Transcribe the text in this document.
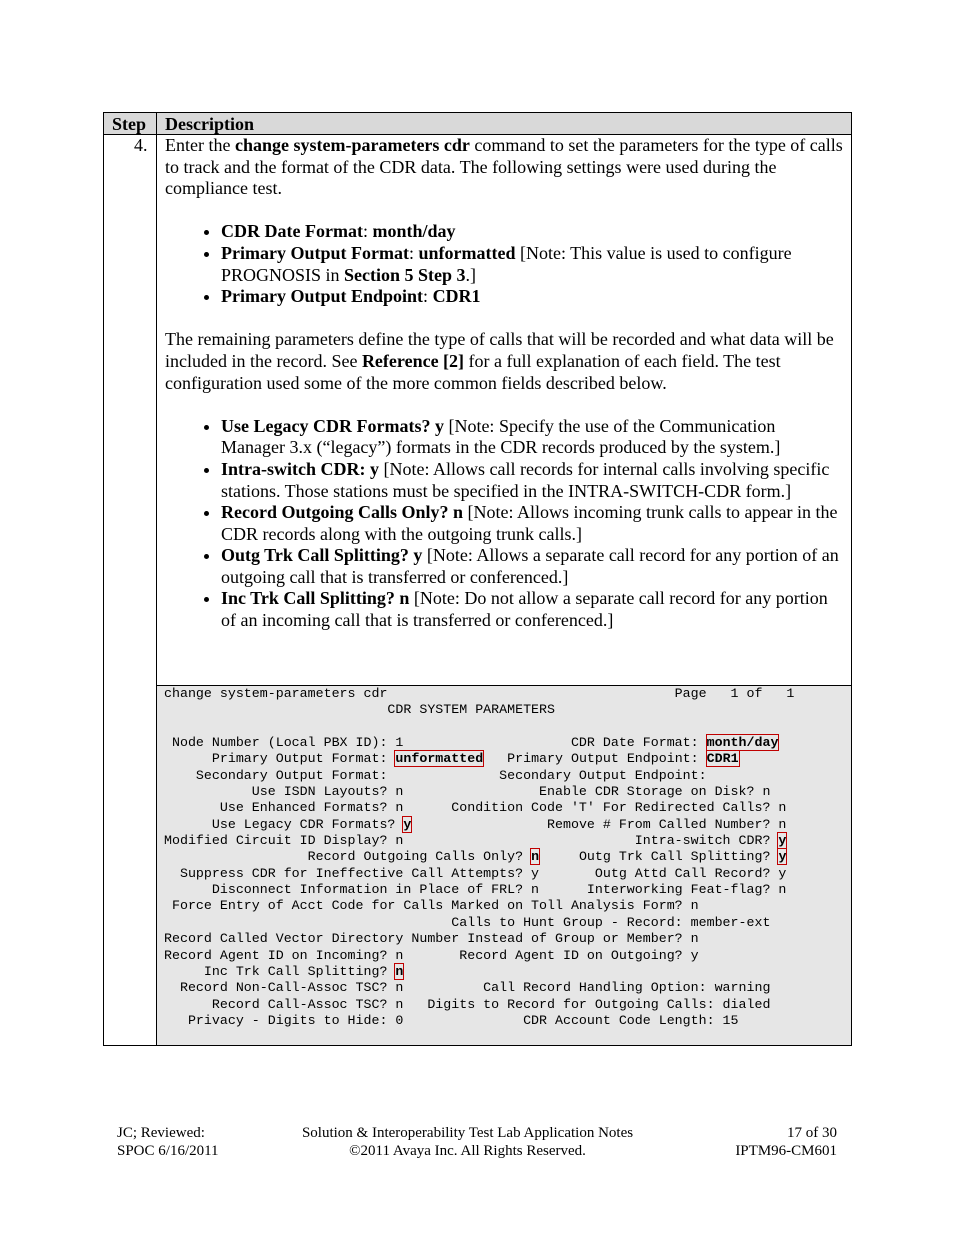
Step Description
4. Enter the change system-parameters cdr command to set the parameters for the type of calls to track and the format of the CDR data. The following settings were used during the compliance test.

• CDR Date Format: month/day
• Primary Output Format: unformatted [Note: This value is used to configure PROGNOSIS in Section 5 Step 3.]
• Primary Output Endpoint: CDR1

The remaining parameters define the type of calls that will be recorded and what data will be included in the record. See Reference [2] for a full explanation of each field. The test configuration used some of the more common fields described below.

• Use Legacy CDR Formats? y [Note: Specify the use of the Communication Manager 3.x (“legacy”) formats in the CDR records produced by the system.]
• Intra-switch CDR: y [Note: Allows call records for internal calls involving specific stations. Those stations must be specified in the INTRA-SWITCH-CDR form.]
• Record Outgoing Calls Only? n [Note: Allows incoming trunk calls to appear in the CDR records along with the outgoing trunk calls.]
• Outg Trk Call Splitting? y [Note: Allows a separate call record for any portion of an outgoing call that is transferred or conferenced.]
• Inc Trk Call Splitting? n [Note: Do not allow a separate call record for any portion of an incoming call that is transferred or conferenced.]
change system-parameters cdr                                    Page   1 of   1
CDR SYSTEM PARAMETERS

Node Number (Local PBX ID): 1                     CDR Date Format: month/day
Primary Output Format: unformatted   Primary Output Endpoint: CDR1
Secondary Output Format:              Secondary Output Endpoint:
Use ISDN Layouts? n                 Enable CDR Storage on Disk? n
Use Enhanced Formats? n      Condition Code 'T' For Redirected Calls? n
Use Legacy CDR Formats? y                 Remove # From Called Number? n
Modified Circuit ID Display? n                             Intra-switch CDR? y
Record Outgoing Calls Only? n     Outg Trk Call Splitting? y
Suppress CDR for Ineffective Call Attempts? y       Outg Attd Call Record? y
Disconnect Information in Place of FRL? n      Interworking Feat-flag? n
Force Entry of Acct Code for Calls Marked on Toll Analysis Form? n
Calls to Hunt Group - Record: member-ext
Record Called Vector Directory Number Instead of Group or Member? n
Record Agent ID on Incoming? n       Record Agent ID on Outgoing? y
Inc Trk Call Splitting? n
Record Non-Call-Assoc TSC? n          Call Record Handling Option: warning
Record Call-Assoc TSC? n   Digits to Record for Outgoing Calls: dialed
Privacy - Digits to Hide: 0               CDR Account Code Length: 15
JC; Reviewed:
SPOC 6/16/2011
Solution & Interoperability Test Lab Application Notes
©2011 Avaya Inc. All Rights Reserved.
17 of 30
IPTM96-CM601
